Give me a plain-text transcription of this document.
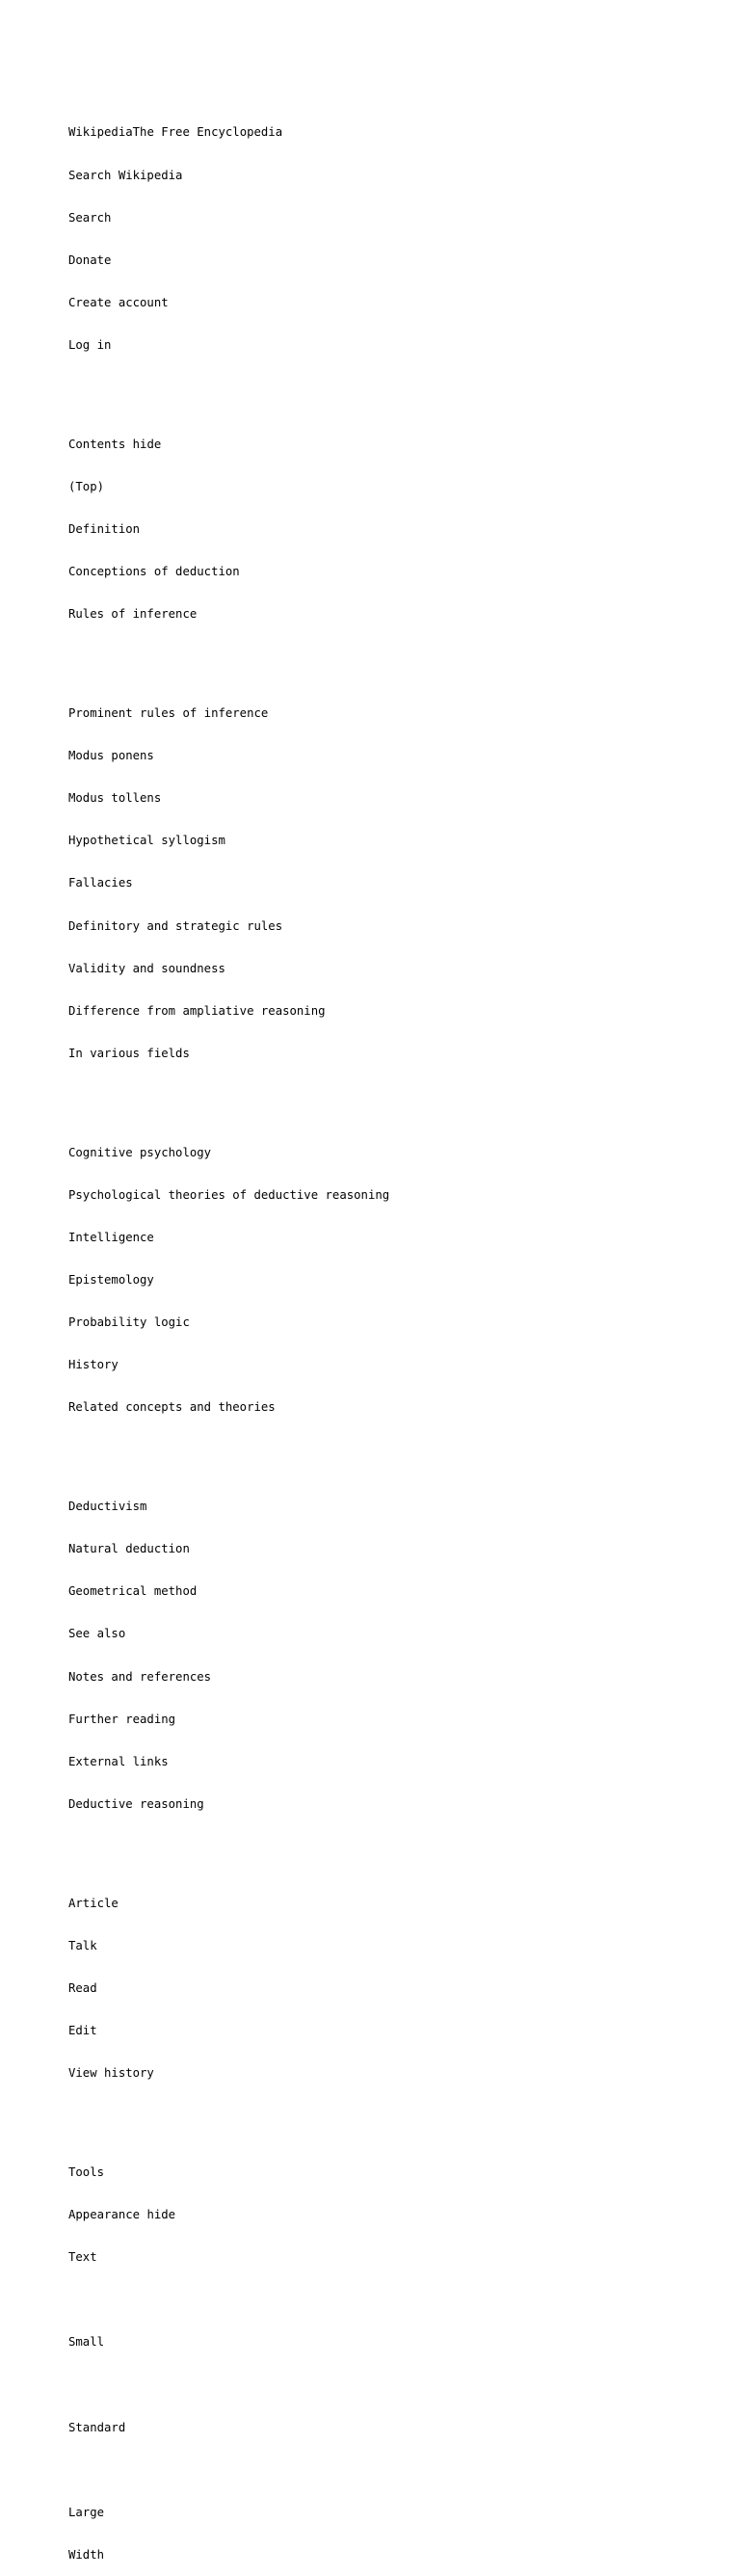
WikipediaThe Free Encyclopedia

Search Wikipedia

Search

Donate

Create account

Log in

Contents hide

(Top)

Definition

Conceptions of deduction

Rules of inference

Prominent rules of inference

Modus ponens

Modus tollens

Hypothetical syllogism

Fallacies

Definitory and strategic rules

Validity and soundness

Difference from ampliative reasoning

In various fields

Cognitive psychology

Psychological theories of deductive reasoning

Intelligence

Epistemology

Probability logic

History

Related concepts and theories

Deductivism

Natural deduction

Geometrical method

See also

Notes and references

Further reading

External links

Deductive reasoning

Article

Talk

Read

Edit

View history

Tools

Appearance hide

Text

Small

Standard

Large

Width
